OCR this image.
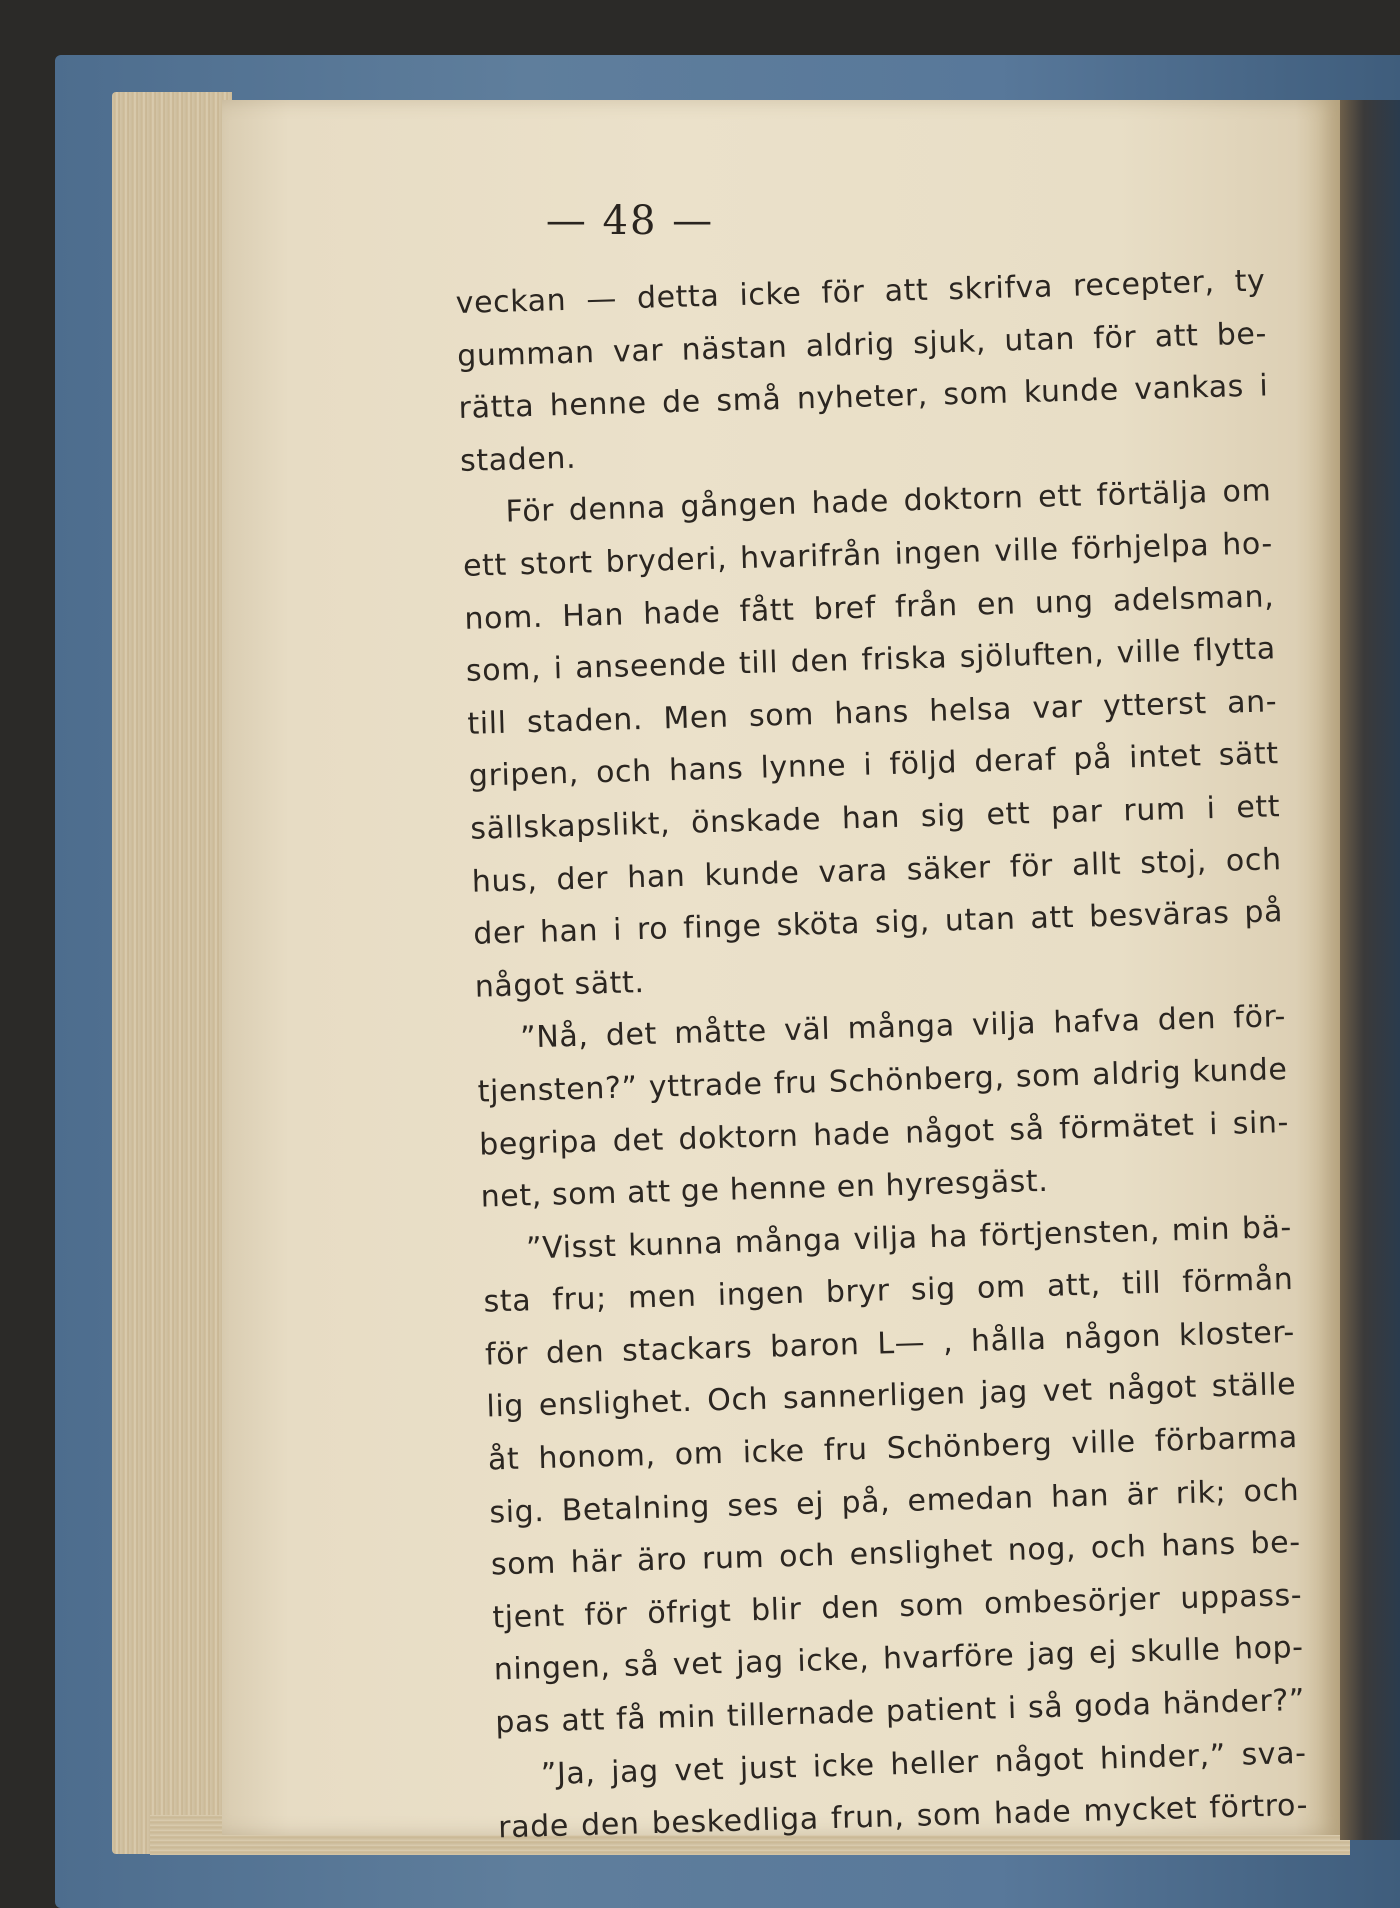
— 48 —
veckan — detta icke för att skrifva recepter, ty
gumman var nästan aldrig sjuk, utan för att be-
rätta henne de små nyheter, som kunde vankas i
staden.
För denna gången hade doktorn ett förtälja om
ett stort bryderi, hvarifrån ingen ville förhjelpa ho-
nom. Han hade fått bref från en ung adelsman,
som, i anseende till den friska sjöluften, ville flytta
till staden. Men som hans helsa var ytterst an-
gripen, och hans lynne i följd deraf på intet sätt
sällskapslikt, önskade han sig ett par rum i ett
hus, der han kunde vara säker för allt stoj, och
der han i ro finge sköta sig, utan att besväras på
något sätt.
”Nå, det måtte väl många vilja hafva den för-
tjensten?” yttrade fru Schönberg, som aldrig kunde
begripa det doktorn hade något så förmätet i sin-
net, som att ge henne en hyresgäst.
”Visst kunna många vilja ha förtjensten, min bä-
sta fru; men ingen bryr sig om att, till förmån
för den stackars baron L— , hålla någon kloster-
lig enslighet. Och sannerligen jag vet något ställe
åt honom, om icke fru Schönberg ville förbarma
sig. Betalning ses ej på, emedan han är rik; och
som här äro rum och enslighet nog, och hans be-
tjent för öfrigt blir den som ombesörjer uppass-
ningen, så vet jag icke, hvarföre jag ej skulle hop-
pas att få min tillernade patient i så goda händer?”
”Ja, jag vet just icke heller något hinder,” sva-
rade den beskedliga frun, som hade mycket förtro-
